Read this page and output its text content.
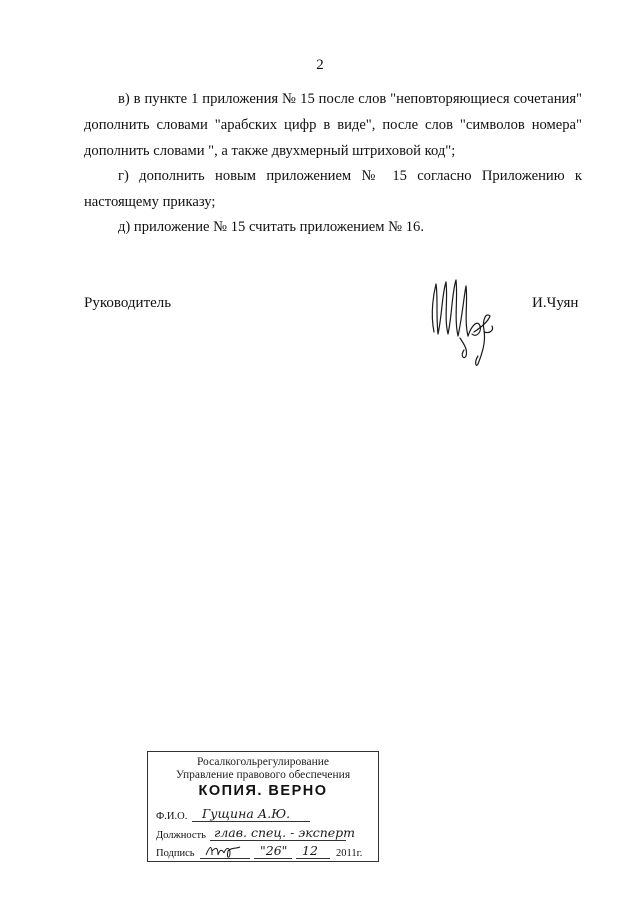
2
в) в пункте 1 приложения № 15 после слов "неповторяющиеся сочетания" дополнить словами "арабских цифр в виде", после слов "символов номера" дополнить словами ", а также двухмерный штриховой код";
г) дополнить новым приложением № 15 согласно Приложению к настоящему приказу;
д) приложение № 15 считать приложением № 16.
Руководитель	И.Чуян
Росалкогольрегулирование
Управление правового обеспечения
КОПИЯ. ВЕРНО
Ф.И.О. Гущина А.Ю.
Должность глав. спец. - эксперт
Подпись	"26" 12 2011г.
